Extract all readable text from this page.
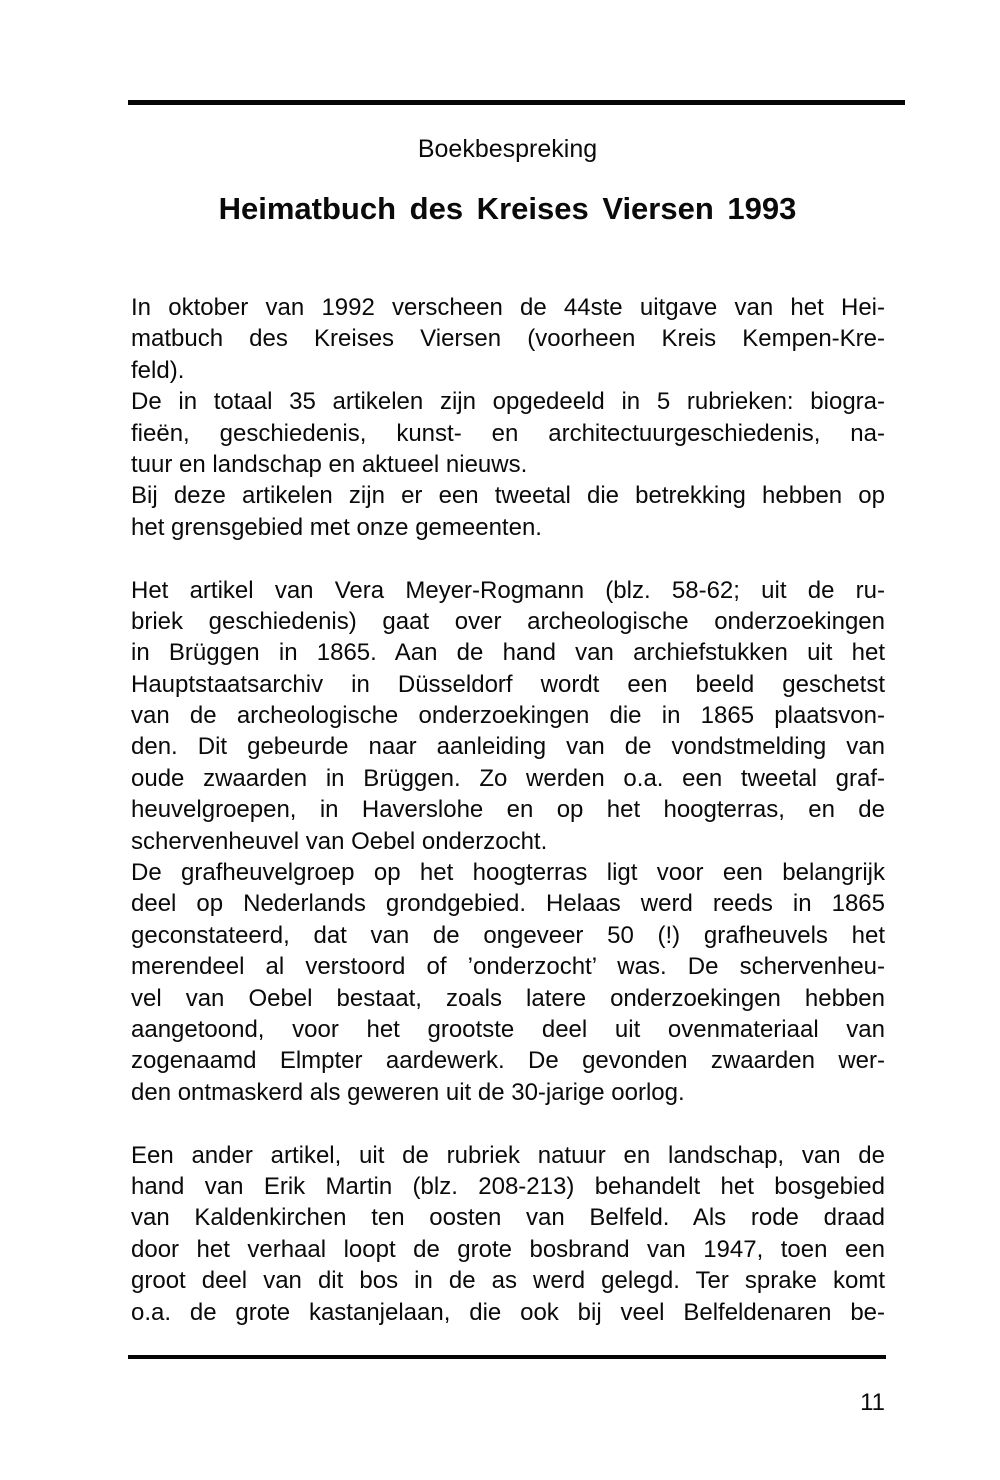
Boekbespreking
Heimatbuch des Kreises Viersen 1993
In oktober van 1992 verscheen de 44ste uitgave van het Hei-
matbuch des Kreises Viersen (voorheen Kreis Kempen-Kre-
feld).
De in totaal 35 artikelen zijn opgedeeld in 5 rubrieken: biogra-
fieën, geschiedenis, kunst- en architectuurgeschiedenis, na-
tuur en landschap en aktueel nieuws.
Bij deze artikelen zijn er een tweetal die betrekking hebben op
het grensgebied met onze gemeenten.
Het artikel van Vera Meyer-Rogmann (blz. 58-62; uit de ru-
briek geschiedenis) gaat over archeologische onderzoekingen
in Brüggen in 1865. Aan de hand van archiefstukken uit het
Hauptstaatsarchiv in Düsseldorf wordt een beeld geschetst
van de archeologische onderzoekingen die in 1865 plaatsvon-
den. Dit gebeurde naar aanleiding van de vondstmelding van
oude zwaarden in Brüggen. Zo werden o.a. een tweetal graf-
heuvelgroepen, in Haverslohe en op het hoogterras, en de
schervenheuvel van Oebel onderzocht.
De grafheuvelgroep op het hoogterras ligt voor een belangrijk
deel op Nederlands grondgebied. Helaas werd reeds in 1865
geconstateerd, dat van de ongeveer 50 (!) grafheuvels het
merendeel al verstoord of ’onderzocht’ was. De schervenheu-
vel van Oebel bestaat, zoals latere onderzoekingen hebben
aangetoond, voor het grootste deel uit ovenmateriaal van
zogenaamd Elmpter aardewerk. De gevonden zwaarden wer-
den ontmaskerd als geweren uit de 30-jarige oorlog.
Een ander artikel, uit de rubriek natuur en landschap, van de
hand van Erik Martin (blz. 208-213) behandelt het bosgebied
van Kaldenkirchen ten oosten van Belfeld. Als rode draad
door het verhaal loopt de grote bosbrand van 1947, toen een
groot deel van dit bos in de as werd gelegd. Ter sprake komt
o.a. de grote kastanjelaan, die ook bij veel Belfeldenaren be-
11
